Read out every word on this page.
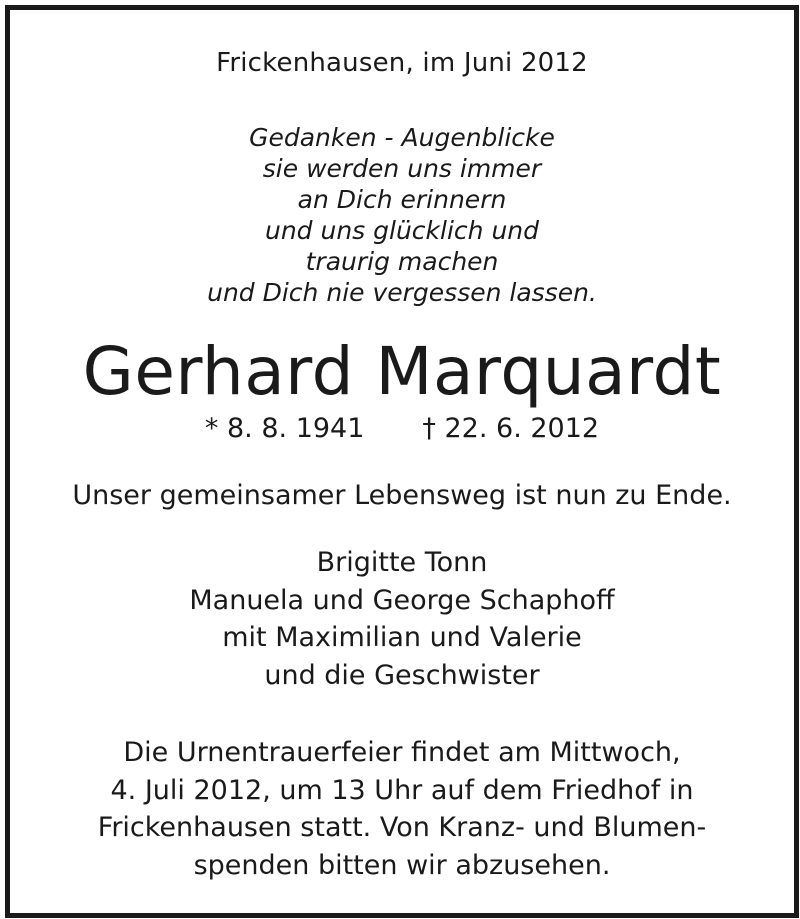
Frickenhausen, im Juni 2012
Gedanken - Augenblicke
sie werden uns immer
an Dich erinnern
und uns glücklich und
traurig machen
und Dich nie vergessen lassen.
Gerhard Marquardt
* 8. 8. 1941 † 22. 6. 2012
Unser gemeinsamer Lebensweg ist nun zu Ende.
Brigitte Tonn
Manuela und George Schaphoff
mit Maximilian und Valerie
und die Geschwister
Die Urnentrauerfeier findet am Mittwoch,
4. Juli 2012, um 13 Uhr auf dem Friedhof in
Frickenhausen statt. Von Kranz- und Blumen-
spenden bitten wir abzusehen.
